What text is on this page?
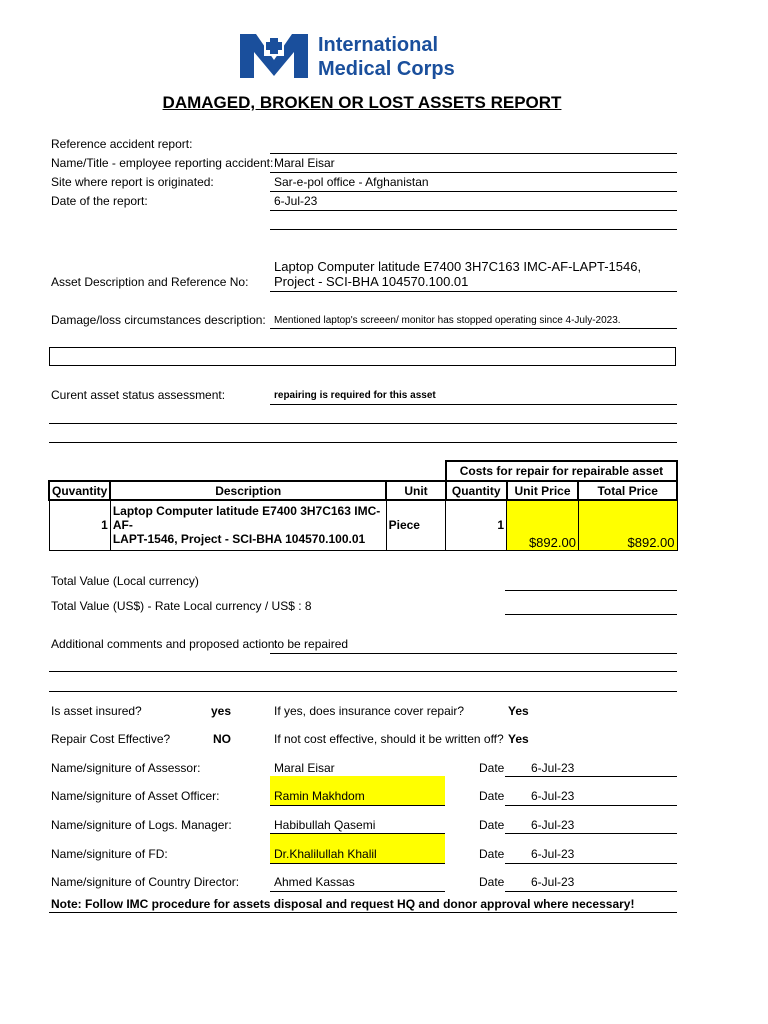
International
Medical Corps
DAMAGED, BROKEN OR LOST ASSETS REPORT
Reference accident report:
Name/Title - employee reporting accident: Maral Eisar
Site where report is originated:	Sar-e-pol office - Afghanistan
Date of the report:	6-Jul-23
Laptop Computer latitude E7400 3H7C163 IMC-AF-LAPT-1546,
Asset Description and Reference No: Project - SCI-BHA 104570.100.01
Damage/loss circumstances description: Mentioned laptop's screeen/ monitor has stopped operating since 4-July-2023.
Curent asset status assessment:	repairing is required for this asset
			Costs for repair for repairable asset		
Quvantity	Description	Unit	Quantity	Unit Price	Total Price
1	Laptop Computer latitude E7400 3H7C163 IMC-AF-
LAPT-1546, Project - SCI-BHA 104570.100.01	Piece	1	$892.00	$892.00
Total Value (Local currency)
Total Value (US$) - Rate Local currency / US$ : 8
Additional comments and proposed action:
to be repaired
Is asset insured?	yes	If yes, does insurance cover repair?	Yes
Repair Cost Effective?	NO	If not cost effective, should it be written off? Yes
Name/signiture of Assessor:	Maral Eisar	Date 6-Jul-23
Name/signiture of Asset Officer:	Ramin Makhdom	Date 6-Jul-23
Name/signiture of Logs. Manager:	Habibullah Qasemi	Date 6-Jul-23
Name/signiture of FD:	Dr.Khalilullah Khalil	Date 6-Jul-23
Name/signiture of Country Director:	Ahmed Kassas	Date 6-Jul-23
Note: Follow IMC procedure for assets disposal and request HQ and donor approval where necessary!
